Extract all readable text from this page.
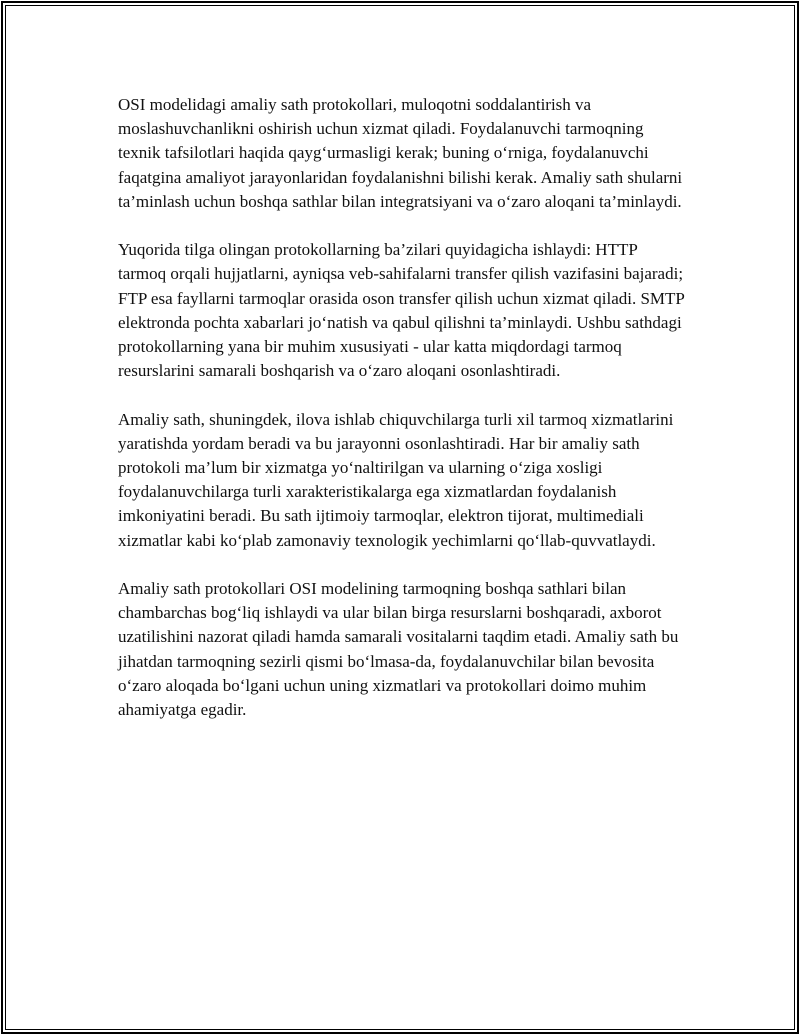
OSI modelidagi amaliy sath protokollari, muloqotni soddalantirish va moslashuvchanlikni oshirish uchun xizmat qiladi. Foydalanuvchi tarmoqning texnik tafsilotlari haqida qayg‘urmasligi kerak; buning o‘rniga, foydalanuvchi faqatgina amaliyot jarayonlaridan foydalanishni bilishi kerak. Amaliy sath shularni ta’minlash uchun boshqa sathlar bilan integratsiyani va o‘zaro aloqani ta’minlaydi.

Yuqorida tilga olingan protokollarning ba’zilari quyidagicha ishlaydi: HTTP tarmoq orqali hujjatlarni, ayniqsa veb-sahifalarni transfer qilish vazifasini bajaradi; FTP esa fayllarni tarmoqlar orasida oson transfer qilish uchun xizmat qiladi. SMTP elektronda pochta xabarlari jo‘natish va qabul qilishni ta’minlaydi. Ushbu sathdagi protokollarning yana bir muhim xususiyati - ular katta miqdordagi tarmoq resurslarini samarali boshqarish va o‘zaro aloqani osonlashtiradi.

Amaliy sath, shuningdek, ilova ishlab chiquvchilarga turli xil tarmoq xizmatlarini yaratishda yordam beradi va bu jarayonni osonlashtiradi. Har bir amaliy sath protokoli ma’lum bir xizmatga yo‘naltirilgan va ularning o‘ziga xosligi foydalanuvchilarga turli xarakteristikalarga ega xizmatlardan foydalanish imkoniyatini beradi. Bu sath ijtimoiy tarmoqlar, elektron tijorat, multimediali xizmatlar kabi ko‘plab zamonaviy texnologik yechimlarni qo‘llab-quvvatlaydi.

Amaliy sath protokollari OSI modelining tarmoqning boshqa sathlari bilan chambarchas bog‘liq ishlaydi va ular bilan birga resurslarni boshqaradi, axborot uzatilishini nazorat qiladi hamda samarali vositalarni taqdim etadi. Amaliy sath bu jihatdan tarmoqning sezirli qismi bo‘lmasa-da, foydalanuvchilar bilan bevosita o‘zaro aloqada bo‘lgani uchun uning xizmatlari va protokollari doimo muhim ahamiyatga egadir.
